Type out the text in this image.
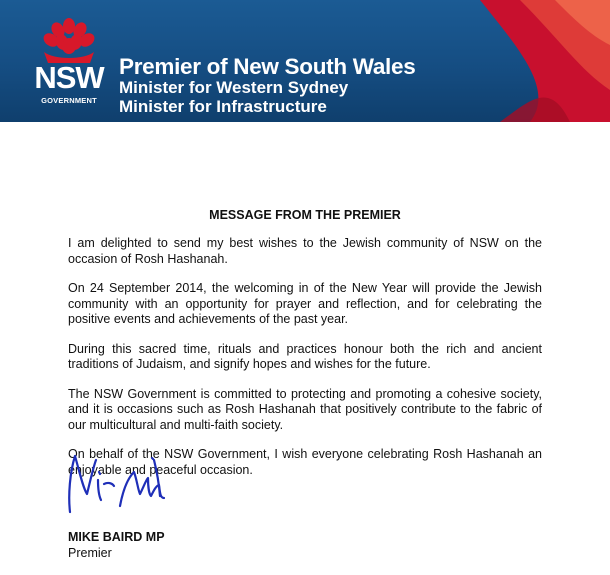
NSW
GOVERNMENT
Premier of New South Wales
Minister for Western Sydney
Minister for Infrastructure
MESSAGE FROM THE PREMIER

I am delighted to send my best wishes to the Jewish community of NSW on the occasion of Rosh Hashanah.

On 24 September 2014, the welcoming in of the New Year will provide the Jewish community with an opportunity for prayer and reflection, and for celebrating the positive events and achievements of the past year.

During this sacred time, rituals and practices honour both the rich and ancient traditions of Judaism, and signify hopes and wishes for the future.

The NSW Government is committed to protecting and promoting a cohesive society, and it is occasions such as Rosh Hashanah that positively contribute to the fabric of our multicultural and multi-faith society.

On behalf of the NSW Government, I wish everyone celebrating Rosh Hashanah an enjoyable and peaceful occasion.

MIKE BAIRD MP
Premier
